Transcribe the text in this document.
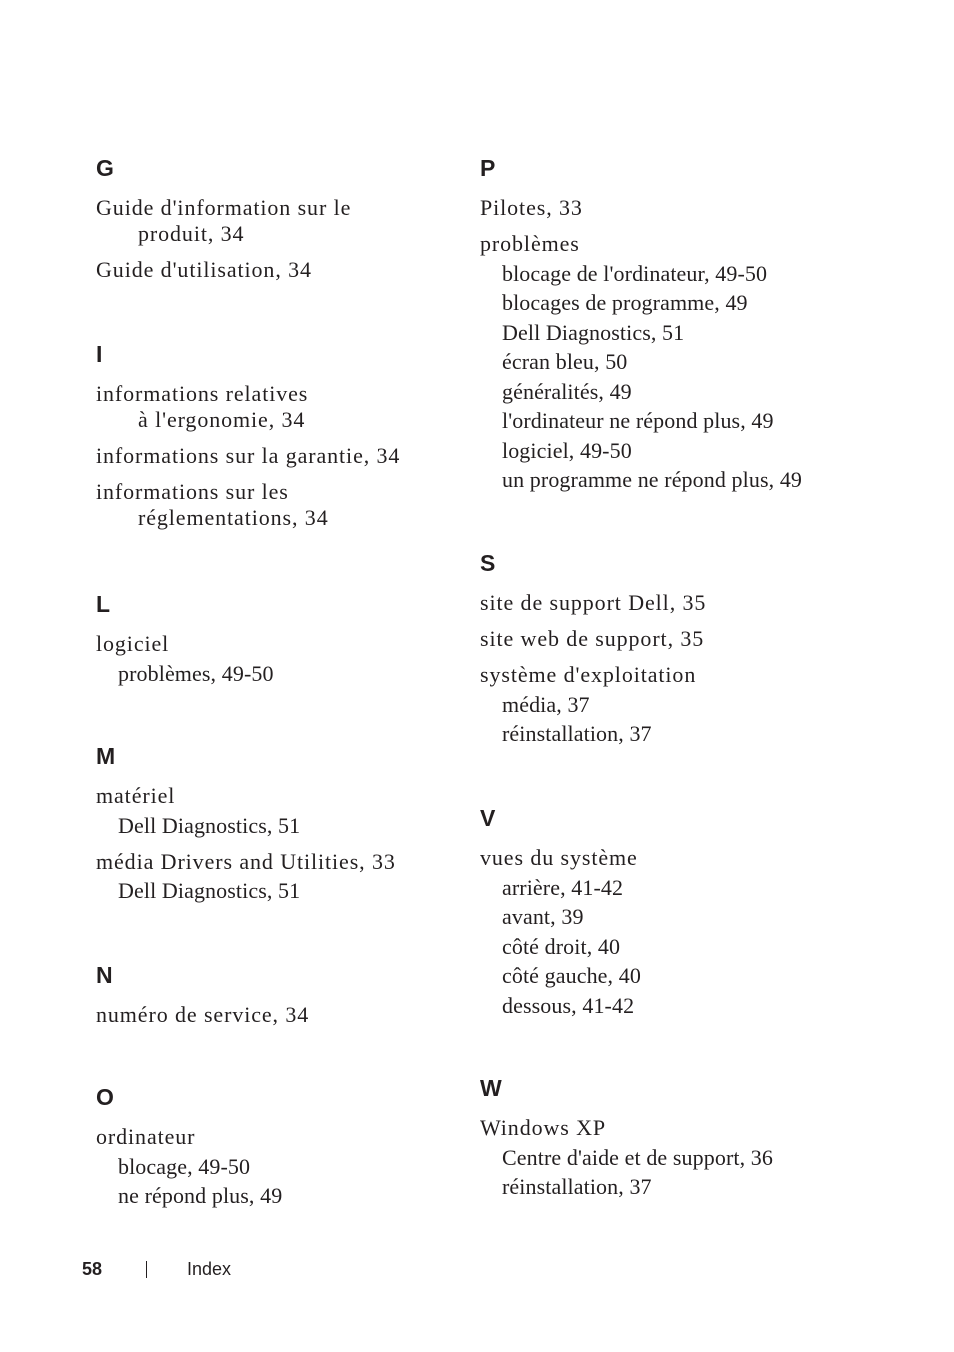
G
Guide d'information sur le
produit, 34
Guide d'utilisation, 34
I
informations relatives
à l'ergonomie, 34
informations sur la garantie, 34
informations sur les
réglementations, 34
L
logiciel
problèmes, 49-50
M
matériel
Dell Diagnostics, 51
média Drivers and Utilities, 33
Dell Diagnostics, 51
N
numéro de service, 34
O
ordinateur
blocage, 49-50
ne répond plus, 49
P
Pilotes, 33
problèmes
blocage de l'ordinateur, 49-50
blocages de programme, 49
Dell Diagnostics, 51
écran bleu, 50
généralités, 49
l'ordinateur ne répond plus, 49
logiciel, 49-50
un programme ne répond plus, 49
S
site de support Dell, 35
site web de support, 35
système d'exploitation
média, 37
réinstallation, 37
V
vues du système
arrière, 41-42
avant, 39
côté droit, 40
côté gauche, 40
dessous, 41-42
W
Windows XP
Centre d'aide et de support, 36
réinstallation, 37
58	Index
